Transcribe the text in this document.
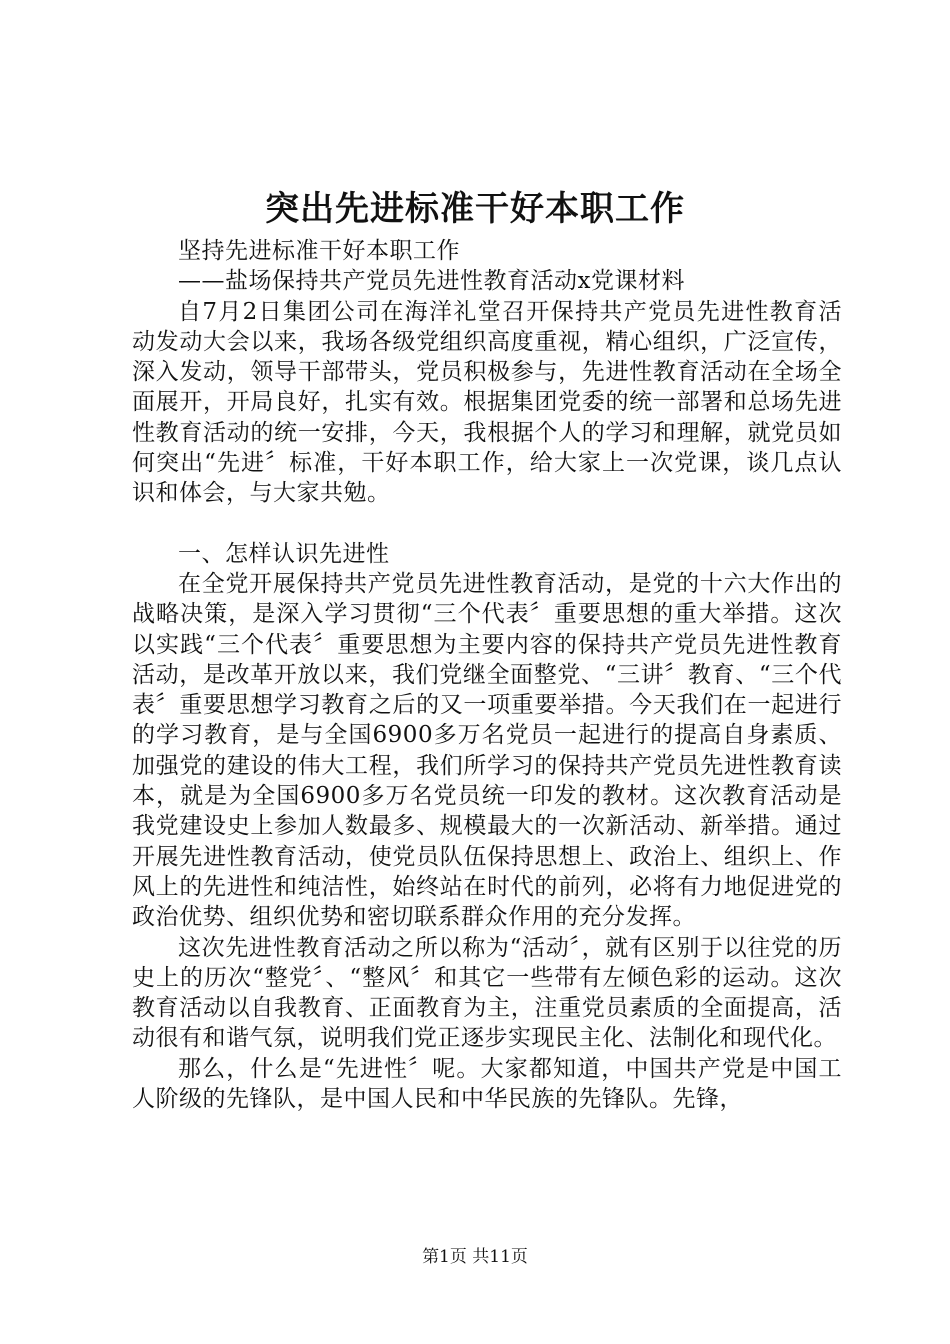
突出先进标准干好本职工作

坚持先进标准干好本职工作

——盐场保持共产党员先进性教育活动x党课材料

自7月2日集团公司在海洋礼堂召开保持共产党员先进性教育活动发动大会以来，我场各级党组织高度重视，精心组织，广泛宣传，深入发动，领导干部带头，党员积极参与，先进性教育活动在全场全面展开，开局良好，扎实有效。根据集团党委的统一部署和总场先进性教育活动的统一安排，今天，我根据个人的学习和理解，就党员如何突出“先进〞标准，干好本职工作，给大家上一次党课，谈几点认识和体会，与大家共勉。

一、怎样认识先进性

在全党开展保持共产党员先进性教育活动，是党的十六大作出的战略决策，是深入学习贯彻“三个代表〞重要思想的重大举措。这次以实践“三个代表〞重要思想为主要内容的保持共产党员先进性教育活动，是改革开放以来，我们党继全面整党、“三讲〞教育、“三个代表〞重要思想学习教育之后的又一项重要举措。今天我们在一起进行的学习教育，是与全国6900多万名党员一起进行的提高自身素质、加强党的建设的伟大工程，我们所学习的保持共产党员先进性教育读本，就是为全国6900多万名党员统一印发的教材。这次教育活动是我党建设史上参加人数最多、规模最大的一次新活动、新举措。通过开展先进性教育活动，使党员队伍保持思想上、政治上、组织上、作风上的先进性和纯洁性，始终站在时代的前列，必将有力地促进党的政治优势、组织优势和密切联系群众作用的充分发挥。

这次先进性教育活动之所以称为“活动〞，就有区别于以往党的历史上的历次“整党〞、“整风〞和其它一些带有左倾色彩的运动。这次教育活动以自我教育、正面教育为主，注重党员素质的全面提高，活动很有和谐气氛，说明我们党正逐步实现民主化、法制化和现代化。

那么，什么是“先进性〞呢。大家都知道，中国共产党是中国工人阶级的先锋队，是中国人民和中华民族的先锋队。先锋，

第1页 共11页
